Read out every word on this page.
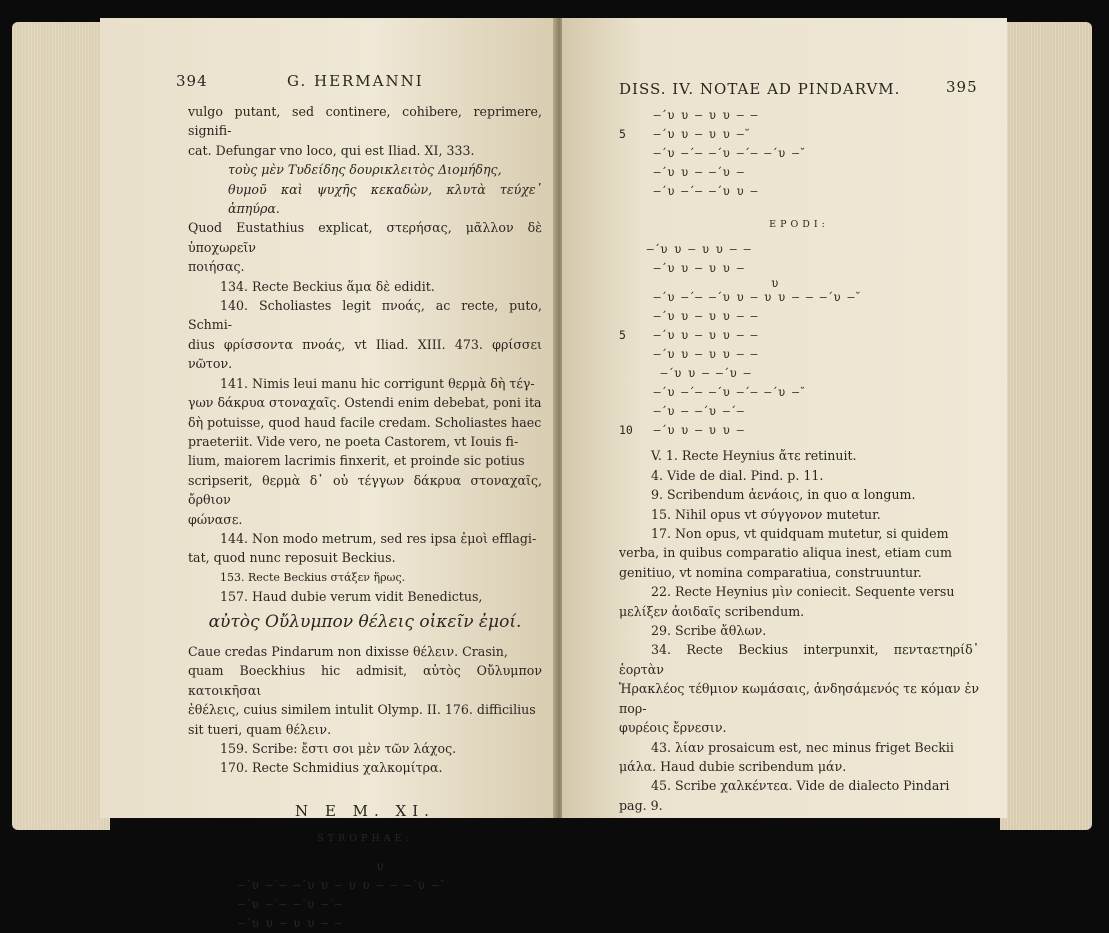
394	G. HERMANNI

vulgo putant, sed continere, cohibere, reprimere, signifi-

cat. Defungar vno loco, qui est Iliad. XI, 333.

τοὺς μὲν Τυδείδης δουρικλειτὸς Διομήδης,

θυμοῦ καὶ ψυχῆς κεκαδὼν, κλυτὰ τεύχε᾽ ἀπηύρα.

Quod Eustathius explicat, στερήσας, μᾶλλον δὲ ὑποχωρεῖν

ποιήσας.

134. Recte Beckius ἅμα δὲ edidit.

140. Scholiastes legit πνοάς, ac recte, puto, Schmi-

dius φρίσσοντα πνοάς, vt Iliad. XIII. 473. φρίσσει νῶτον.

141. Nimis leui manu hic corrigunt θερμὰ δὴ τέγ-

γων δάκρυα στοναχαῖς. Ostendi enim debebat, poni ita

δὴ potuisse, quod haud facile credam. Scholiastes haec

praeteriit. Vide vero, ne poeta Castorem, vt Iouis fi-

lium, maiorem lacrimis finxerit, et proinde sic potius

scripserit, θερμὰ δ᾽ οὐ τέγγων δάκρυα στοναχαῖς, ὄρθιον

φώνασε.

144. Non modo metrum, sed res ipsa ἐμοὶ efflagi-

tat, quod nunc reposuit Beckius.

153. Recte Beckius στάξεν ἥρως.

157. Haud dubie verum vidit Benedictus,

αὐτὸς Οὔλυμπον θέλεις οἰκεῖν ἐμοί.

Caue credas Pindarum non dixisse θέλειν. Crasin,

quam Boeckhius hic admisit, αὐτὸς Οὔλυμπον κατοικῆσαι

ἐθέλεις, cuius similem intulit Olymp. II. 176. difficilius

sit tueri, quam θέλειν.

159. Scribe: ἔστι σοι μὲν τῶν λάχος.

170. Recte Schmidius χαλκομίτρα.

N E M. XI.
STROPHAE:
υ
–́ υ –́ – –́ υ υ – υ υ – – –́ υ –̆
–́ υ –́ – –́ υ –́ –
–́ υ υ – υ υ – –
DISS. IV. NOTAE AD PINDARVM.	395
–́ υ υ – υ υ – –
5    –́ υ υ – υ υ –̆
–́ υ –́ – –́ υ –́ – –́ υ –̆
–́ υ υ – –́ υ –
–́ υ –́ – –́ υ υ –
EPODI:
–́ υ υ – υ υ – –
–́ υ υ – υ υ –
υ
–́ υ –́ – –́ υ υ – υ υ – – –́ υ –̆
–́ υ υ – υ υ – –
5    –́ υ υ – υ υ – –
–́ υ υ – υ υ – –
–́ υ υ – –́ υ –
–́ υ –́ – –́ υ –́ – –́ υ –̆
–́ υ – –́ υ –́ –
10   –́ υ υ – υ υ –

V. 1. Recte Heynius ἄτε retinuit.

4. Vide de dial. Pind. p. 11.

9. Scribendum ἀενάοις, in quo α longum.

15. Nihil opus vt σύγγονον mutetur.

17. Non opus, vt quidquam mutetur, si quidem

verba, in quibus comparatio aliqua inest, etiam cum

genitiuo, vt nomina comparatiua, construuntur.

22. Recte Heynius μὶν coniecit. Sequente versu

μελίξεν ἀοιδαῖς scribendum.

29. Scribe ἄθλων.

34. Recte Beckius interpunxit, πενταετηρίδ᾽ ἑορτὰν

Ἡρακλέος τέθμιον κωμάσαις, ἀνδησάμενός τε κόμαν ἐν πορ-

φυρέοις ἔρνεσιν.

43. λίαν prosaicum est, nec minus friget Beckii

μάλα. Haud dubie scribendum μάν.

45. Scribe χαλκέντεα. Vide de dialecto Pindari

pag. 9.
